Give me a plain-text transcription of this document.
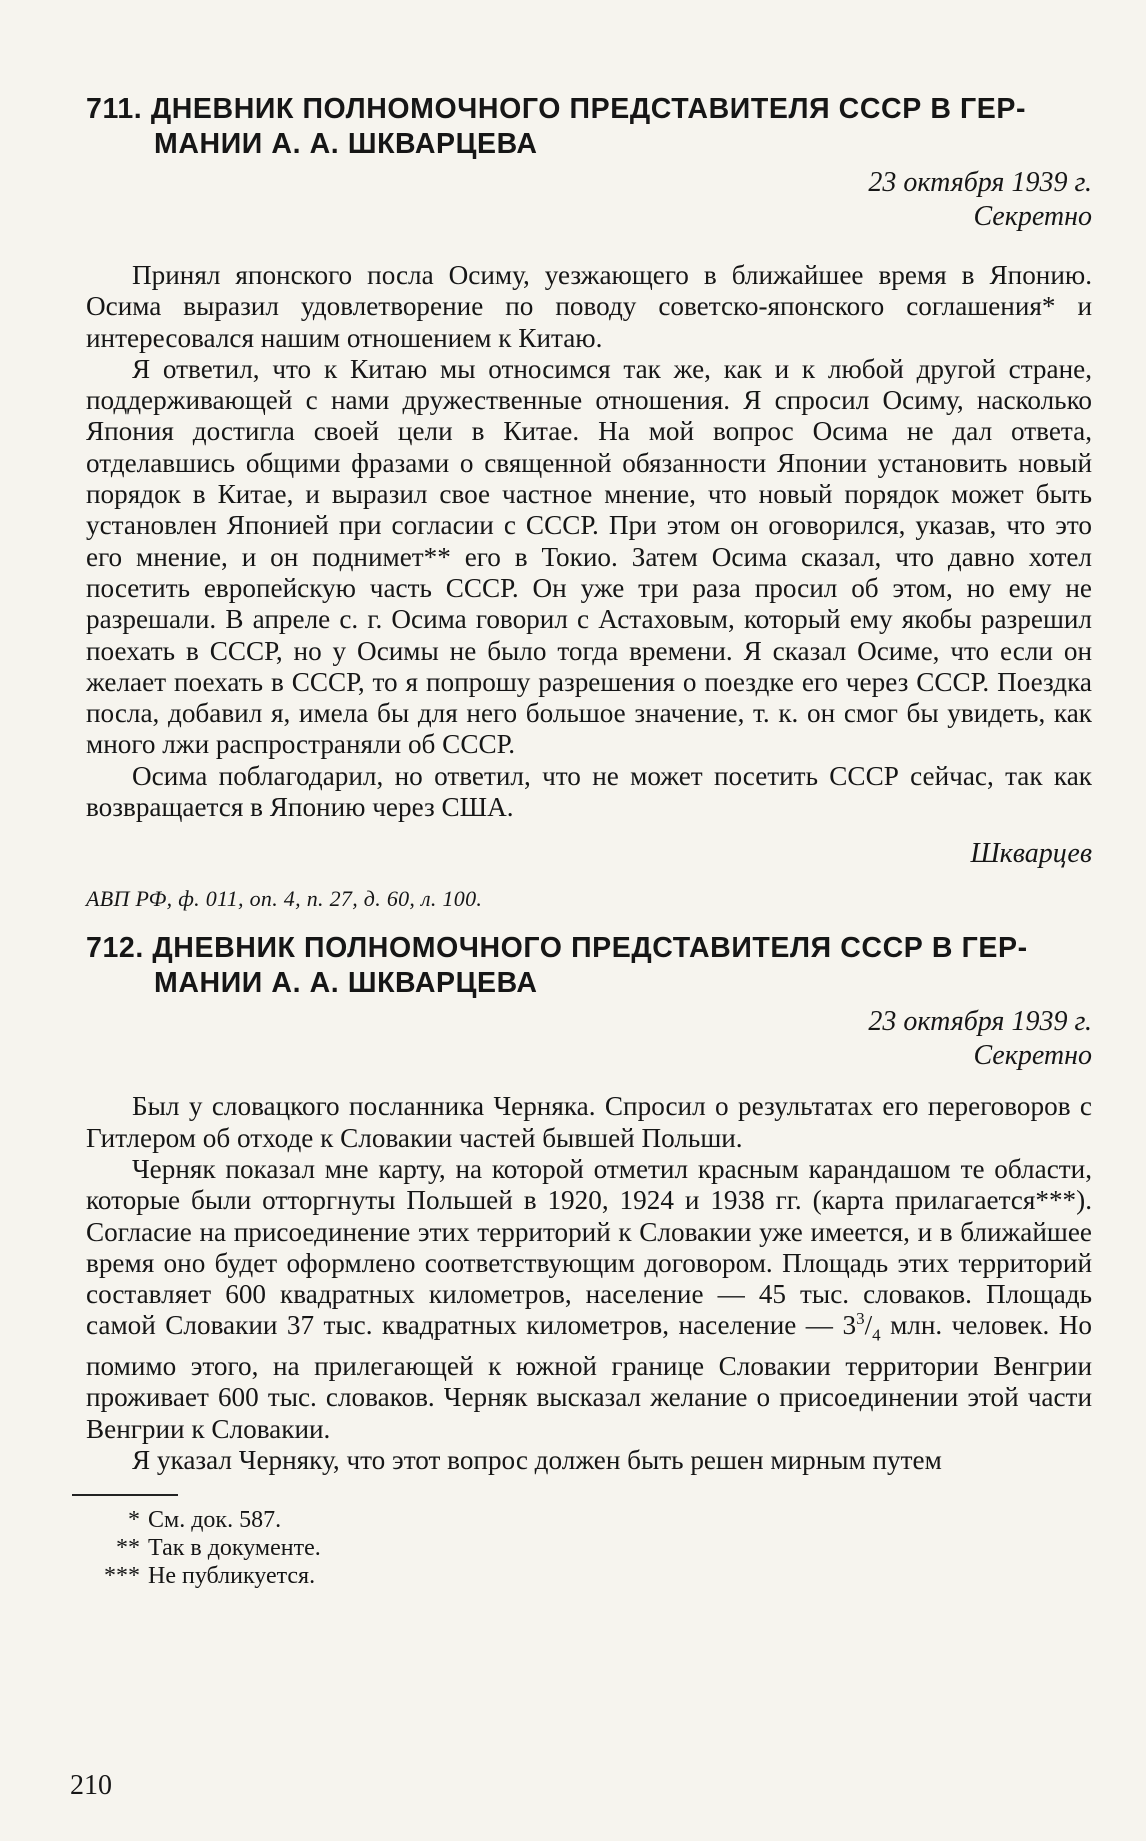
711. ДНЕВНИК ПОЛНОМОЧНОГО ПРЕДСТАВИТЕЛЯ СССР В ГЕР-
МАНИИ А. А. ШКВАРЦЕВА
23 октября 1939 г.
Секретно

Принял японского посла Осиму, уезжающего в ближайшее время в Японию. Осима выразил удовлетворение по поводу советско-японского соглашения* и интересовался нашим отношением к Китаю.

Я ответил, что к Китаю мы относимся так же, как и к любой другой стране, поддерживающей с нами дружественные отношения. Я спросил Осиму, насколько Япония достигла своей цели в Китае. На мой вопрос Осима не дал ответа, отделавшись общими фразами о священной обязанности Японии установить новый порядок в Китае, и выразил свое частное мнение, что новый порядок может быть установлен Японией при согласии с СССР. При этом он оговорился, указав, что это его мнение, и он поднимет** его в Токио. Затем Осима сказал, что давно хотел посетить европейскую часть СССР. Он уже три раза просил об этом, но ему не разрешали. В апреле с. г. Осима говорил с Астаховым, который ему якобы разрешил поехать в СССР, но у Осимы не было тогда времени. Я сказал Осиме, что если он желает поехать в СССР, то я попрошу разрешения о поездке его через СССР. Поездка посла, добавил я, имела бы для него большое значение, т. к. он смог бы увидеть, как много лжи распространяли об СССР.

Осима поблагодарил, но ответил, что не может посетить СССР сейчас, так как возвращается в Японию через США.

Шкварцев
АВП РФ, ф. 011, оп. 4, п. 27, д. 60, л. 100.
712. ДНЕВНИК ПОЛНОМОЧНОГО ПРЕДСТАВИТЕЛЯ СССР В ГЕР-
МАНИИ А. А. ШКВАРЦЕВА
23 октября 1939 г.
Секретно

Был у словацкого посланника Черняка. Спросил о результатах его переговоров с Гитлером об отходе к Словакии частей бывшей Польши.

Черняк показал мне карту, на которой отметил красным карандашом те области, которые были отторгнуты Польшей в 1920, 1924 и 1938 гг. (карта прилагается***). Согласие на присоединение этих территорий к Словакии уже имеется, и в ближайшее время оно будет оформлено соответствующим договором. Площадь этих территорий составляет 600 квадратных километров, население — 45 тыс. словаков. Площадь самой Словакии 37 тыс. квадратных километров, население — $3^3/_4$ млн. человек. Но помимо этого, на прилегающей к южной границе Словакии территории Венгрии проживает 600 тыс. словаков. Черняк высказал желание о присоединении этой части Венгрии к Словакии.

Я указал Черняку, что этот вопрос должен быть решен мирным путем

* См. док. 587.
** Так в документе.
*** Не публикуется.
210
